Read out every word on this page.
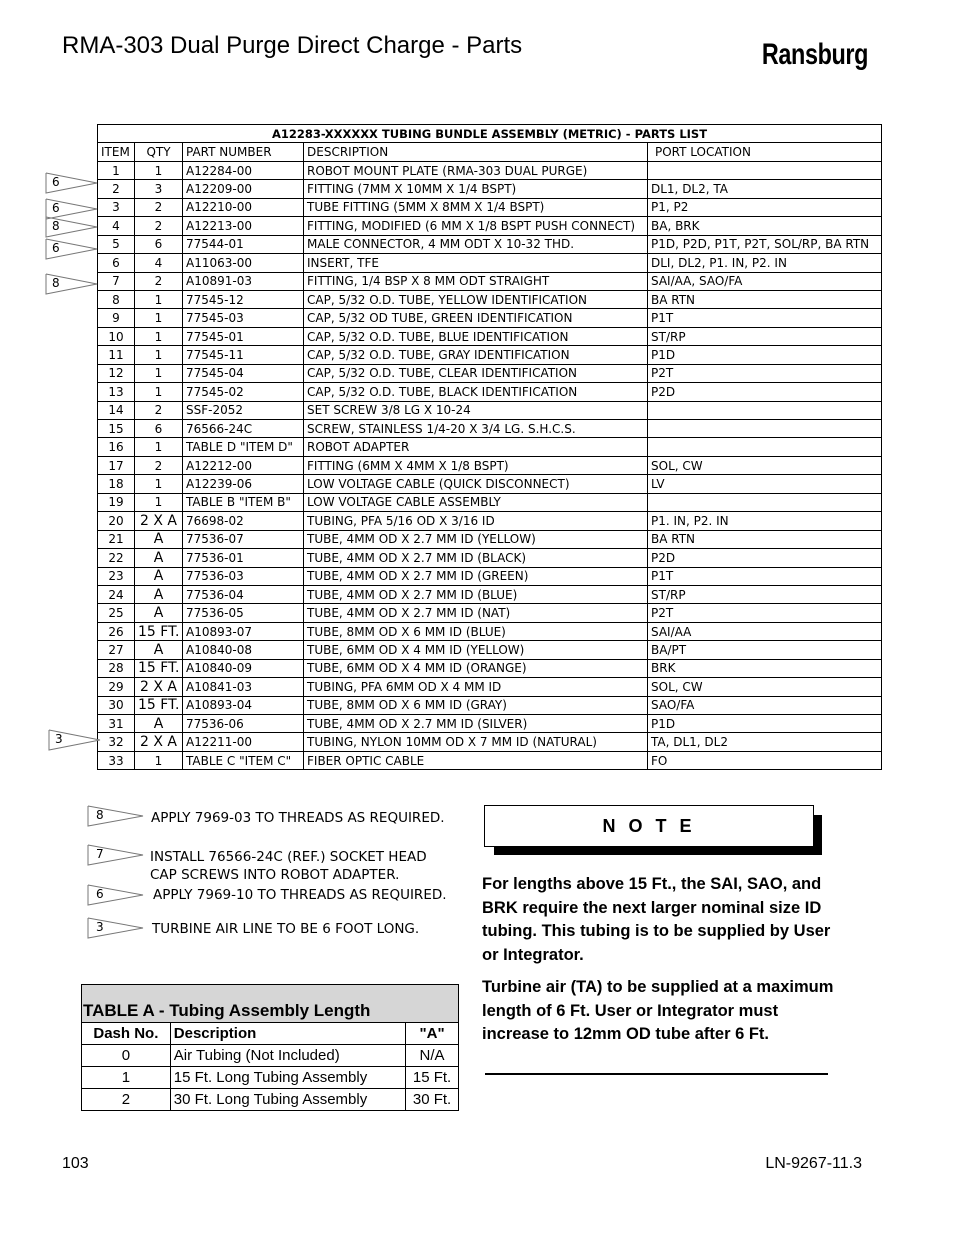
RMA-303 Dual Purge Direct Charge - Parts	Ransburg
A12283-XXXXXX TUBING BUNDLE ASSEMBLY (METRIC) - PARTS LIST				
ITEM	QTY	PART NUMBER	DESCRIPTION	PORT LOCATION
1	1	A12284-00	ROBOT MOUNT PLATE (RMA-303 DUAL PURGE)	
2	3	A12209-00	FITTING (7MM X 10MM X 1/4 BSPT)	DL1, DL2, TA
3	2	A12210-00	TUBE FITTING (5MM X 8MM X 1/4 BSPT)	P1, P2
4	2	A12213-00	FITTING, MODIFIED (6 MM X 1/8 BSPT PUSH CONNECT)	BA, BRK
5	6	77544-01	MALE CONNECTOR, 4 MM ODT X 10-32 THD.	P1D, P2D, P1T, P2T, SOL/RP, BA RTN
6	4	A11063-00	INSERT, TFE	DLI, DL2, P1. IN, P2. IN
7	2	A10891-03	FITTING, 1/4 BSP X 8 MM ODT STRAIGHT	SAI/AA, SAO/FA
8	1	77545-12	CAP, 5/32 O.D. TUBE, YELLOW IDENTIFICATION	BA RTN
9	1	77545-03	CAP, 5/32 OD TUBE, GREEN IDENTIFICATION	P1T
10	1	77545-01	CAP, 5/32 O.D. TUBE, BLUE IDENTIFICATION	ST/RP
11	1	77545-11	CAP, 5/32 O.D. TUBE, GRAY IDENTIFICATION	P1D
12	1	77545-04	CAP, 5/32 O.D. TUBE, CLEAR IDENTIFICATION	P2T
13	1	77545-02	CAP, 5/32 O.D. TUBE, BLACK IDENTIFICATION	P2D
14	2	SSF-2052	SET SCREW 3/8 LG X 10-24	
15	6	76566-24C	SCREW, STAINLESS 1/4-20 X 3/4 LG. S.H.C.S.	
16	1	TABLE D "ITEM D"	ROBOT ADAPTER	
17	2	A12212-00	FITTING (6MM X 4MM X 1/8 BSPT)	SOL, CW
18	1	A12239-06	LOW VOLTAGE CABLE (QUICK DISCONNECT)	LV
19	1	TABLE B "ITEM B"	LOW VOLTAGE CABLE ASSEMBLY	
20	2 X A	76698-02	TUBING, PFA 5/16 OD X 3/16 ID	P1. IN, P2. IN
21	A	77536-07	TUBE, 4MM OD X 2.7 MM ID (YELLOW)	BA RTN
22	A	77536-01	TUBE, 4MM OD X 2.7 MM ID (BLACK)	P2D
23	A	77536-03	TUBE, 4MM OD X 2.7 MM ID (GREEN)	P1T
24	A	77536-04	TUBE, 4MM OD X 2.7 MM ID (BLUE)	ST/RP
25	A	77536-05	TUBE, 4MM OD X 2.7 MM ID (NAT)	P2T
26	15 FT.	A10893-07	TUBE, 8MM OD X 6 MM ID (BLUE)	SAI/AA
27	A	A10840-08	TUBE, 6MM OD X 4 MM ID (YELLOW)	BA/PT
28	15 FT.	A10840-09	TUBE, 6MM OD X 4 MM ID (ORANGE)	BRK
29	2 X A	A10841-03	TUBING, PFA 6MM OD X 4 MM ID	SOL, CW
30	15 FT.	A10893-04	TUBE, 8MM OD X 6 MM ID (GRAY)	SAO/FA
31	A	77536-06	TUBE, 4MM OD X 2.7 MM ID (SILVER)	P1D
32	2 X A	A12211-00	TUBING, NYLON 10MM OD X 7 MM ID (NATURAL)	TA, DL1, DL2
33	1	TABLE C "ITEM C"	FIBER OPTIC CABLE	FO
6
6
8
6
8
3
8	APPLY 7969-03 TO THREADS AS REQUIRED.
7	INSTALL 76566-24C (REF.) SOCKET HEAD
CAP SCREWS INTO ROBOT ADAPTER.
6	APPLY 7969-10 TO THREADS AS REQUIRED.
3	TURBINE AIR LINE TO BE 6 FOOT LONG.
N O T E
For lengths above 15 Ft., the SAI, SAO, and BRK require the next larger nominal size ID tubing. This tubing is to be supplied by User or Integrator.
Turbine air (TA) to be supplied at a maximum length of 6 Ft. User or Integrator must increase to 12mm OD tube after 6 Ft.
TABLE A - Tubing Assembly Length		
Dash No.	Description	"A"
0	Air Tubing (Not Included)	N/A
1	15 Ft. Long Tubing Assembly	15 Ft.
2	30 Ft. Long Tubing Assembly	30 Ft.
103	LN-9267-11.3
